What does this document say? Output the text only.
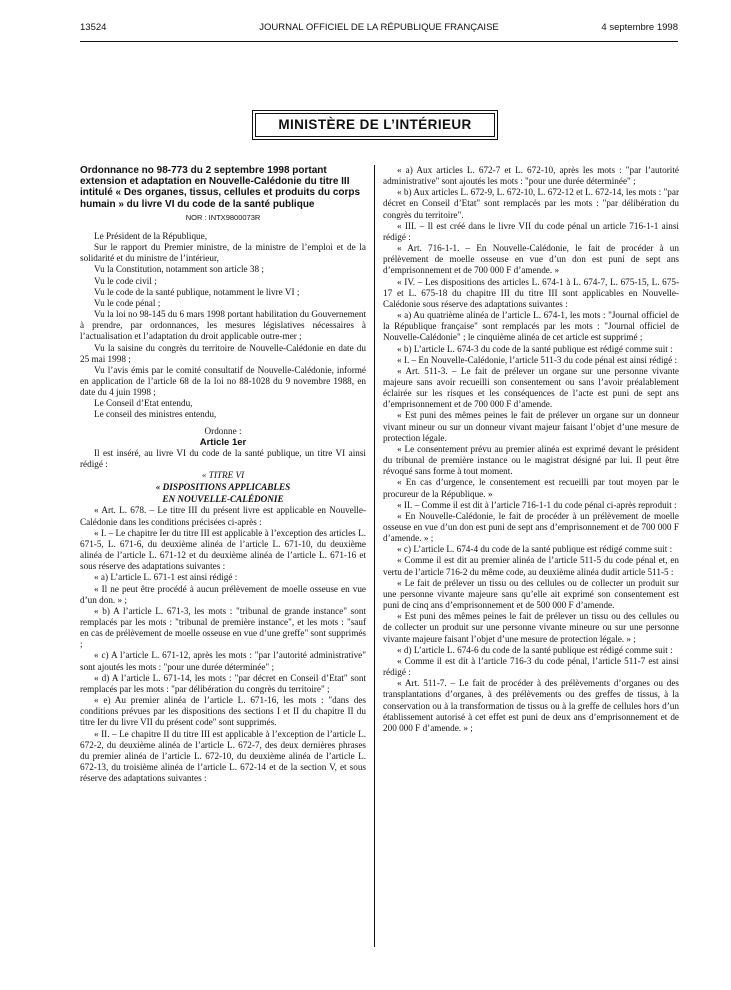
13524	JOURNAL OFFICIEL DE LA RÉPUBLIQUE FRANÇAISE	4 septembre 1998
MINISTÈRE DE L’INTÉRIEUR
Ordonnance no 98-773 du 2 septembre 1998 portant extension et adaptation en Nouvelle-Calédonie du titre III intitulé « Des organes, tissus, cellules et produits du corps humain » du livre VI du code de la santé publique
NOR : INTX9800073R

Le Président de la République,

Sur le rapport du Premier ministre, de la ministre de l’emploi et de la solidarité et du ministre de l’intérieur,

Vu la Constitution, notamment son article 38 ;

Vu le code civil ;

Vu le code de la santé publique, notamment le livre VI ;

Vu le code pénal ;

Vu la loi no 98-145 du 6 mars 1998 portant habilitation du Gouvernement à prendre, par ordonnances, les mesures législatives nécessaires à l’actualisation et l’adaptation du droit applicable outre-mer ;

Vu la saisine du congrès du territoire de Nouvelle-Calédonie en date du 25 mai 1998 ;

Vu l’avis émis par le comité consultatif de Nouvelle-Calédonie, informé en application de l’article 68 de la loi no 88-1028 du 9 novembre 1988, en date du 4 juin 1998 ;

Le Conseil d’Etat entendu,

Le conseil des ministres entendu,

Ordonne :

Article 1er

Il est inséré, au livre VI du code de la santé publique, un titre VI ainsi rédigé :

« TITRE VI

« DISPOSITIONS APPLICABLES

EN NOUVELLE-CALÉDONIE

« Art. L. 678. – Le titre III du présent livre est applicable en Nouvelle-Calédonie dans les conditions précisées ci-après :

« I. – Le chapitre Ier du titre III est applicable à l’exception des articles L. 671-5, L. 671-6, du deuxième alinéa de l’article L. 671-10, du deuxième alinéa de l’article L. 671-12 et du deuxième alinéa de l’article L. 671-16 et sous réserve des adaptations suivantes :

« a) L’article L. 671-1 est ainsi rédigé :

« Il ne peut être procédé à aucun prélèvement de moelle osseuse en vue d’un don. » ;

« b) A l’article L. 671-3, les mots : "tribunal de grande instance" sont remplacés par les mots : "tribunal de première instance", et les mots : "sauf en cas de prélèvement de moelle osseuse en vue d’une greffe" sont supprimés ;

« c) A l’article L. 671-12, après les mots : "par l’autorité administrative" sont ajoutés les mots : "pour une durée déterminée" ;

« d) A l’article L. 671-14, les mots : "par décret en Conseil d’Etat" sont remplacés par les mots : "par délibération du congrès du territoire" ;

« e) Au premier alinéa de l’article L. 671-16, les mots : "dans des conditions prévues par les dispositions des sections I et II du chapitre II du titre Ier du livre VII du présent code" sont supprimés.

« II. – Le chapitre II du titre III est applicable à l’exception de l’article L. 672-2, du deuxième alinéa de l’article L. 672-7, des deux dernières phrases du premier alinéa de l’article L. 672-10, du deuxième alinéa de l’article L. 672-13, du troisième alinéa de l’article L. 672-14 et de la section V, et sous réserve des adaptations suivantes :

« a) Aux articles L. 672-7 et L. 672-10, après les mots : "par l’autorité administrative" sont ajoutés les mots : "pour une durée déterminée" ;

« b) Aux articles L. 672-9, L. 672-10, L. 672-12 et L. 672-14, les mots : "par décret en Conseil d’Etat" sont remplacés par les mots : "par délibération du congrès du territoire".

« III. – Il est créé dans le livre VII du code pénal un article 716-1-1 ainsi rédigé :

« Art. 716-1-1. – En Nouvelle-Calédonie, le fait de procéder à un prélèvement de moelle osseuse en vue d’un don est puni de sept ans d’emprisonnement et de 700 000 F d’amende. »

« IV. – Les dispositions des articles L. 674-1 à L. 674-7, L. 675-15, L. 675-17 et L. 675-18 du chapitre III du titre III sont applicables en Nouvelle-Calédonie sous réserve des adaptations suivantes :

« a) Au quatrième alinéa de l’article L. 674-1, les mots : "Journal officiel de la République française" sont remplacés par les mots : "Journal officiel de Nouvelle-Calédonie" ; le cinquième alinéa de cet article est supprimé ;

« b) L’article L. 674-3 du code de la santé publique est rédigé comme suit :

« I. – En Nouvelle-Calédonie, l’article 511-3 du code pénal est ainsi rédigé :

« Art. 511-3. – Le fait de prélever un organe sur une personne vivante majeure sans avoir recueilli son consentement ou sans l’avoir préalablement éclairée sur les risques et les conséquences de l’acte est puni de sept ans d’emprisonnement et de 700 000 F d’amende.

« Est puni des mêmes peines le fait de prélever un organe sur un donneur vivant mineur ou sur un donneur vivant majeur faisant l’objet d’une mesure de protection légale.

« Le consentement prévu au premier alinéa est exprimé devant le président du tribunal de première instance ou le magistrat désigné par lui. Il peut être révoqué sans forme à tout moment.

« En cas d’urgence, le consentement est recueilli par tout moyen par le procureur de la République. »

« II. – Comme il est dit à l’article 716-1-1 du code pénal ci-après reproduit :

« En Nouvelle-Calédonie, le fait de procéder à un prélèvement de moelle osseuse en vue d’un don est puni de sept ans d’emprisonnement et de 700 000 F d’amende. » ;

« c) L’article L. 674-4 du code de la santé publique est rédigé comme suit :

« Comme il est dit au premier alinéa de l’article 511-5 du code pénal et, en vertu de l’article 716-2 du même code, au deuxième alinéa dudit article 511-5 :

« Le fait de prélever un tissu ou des cellules ou de collecter un produit sur une personne vivante majeure sans qu’elle ait exprimé son consentement est puni de cinq ans d’emprisonnement et de 500 000 F d’amende.

« Est puni des mêmes peines le fait de prélever un tissu ou des cellules ou de collecter un produit sur une personne vivante mineure ou sur une personne vivante majeure faisant l’objet d’une mesure de protection légale. » ;

« d) L’article L. 674-6 du code de la santé publique est rédigé comme suit :

« Comme il est dit à l’article 716-3 du code pénal, l’article 511-7 est ainsi rédigé :

« Art. 511-7. – Le fait de procéder à des prélèvements d’organes ou des transplantations d’organes, à des prélèvements ou des greffes de tissus, à la conservation ou à la transformation de tissus ou à la greffe de cellules hors d’un établissement autorisé à cet effet est puni de deux ans d’emprisonnement et de 200 000 F d’amende. » ;
